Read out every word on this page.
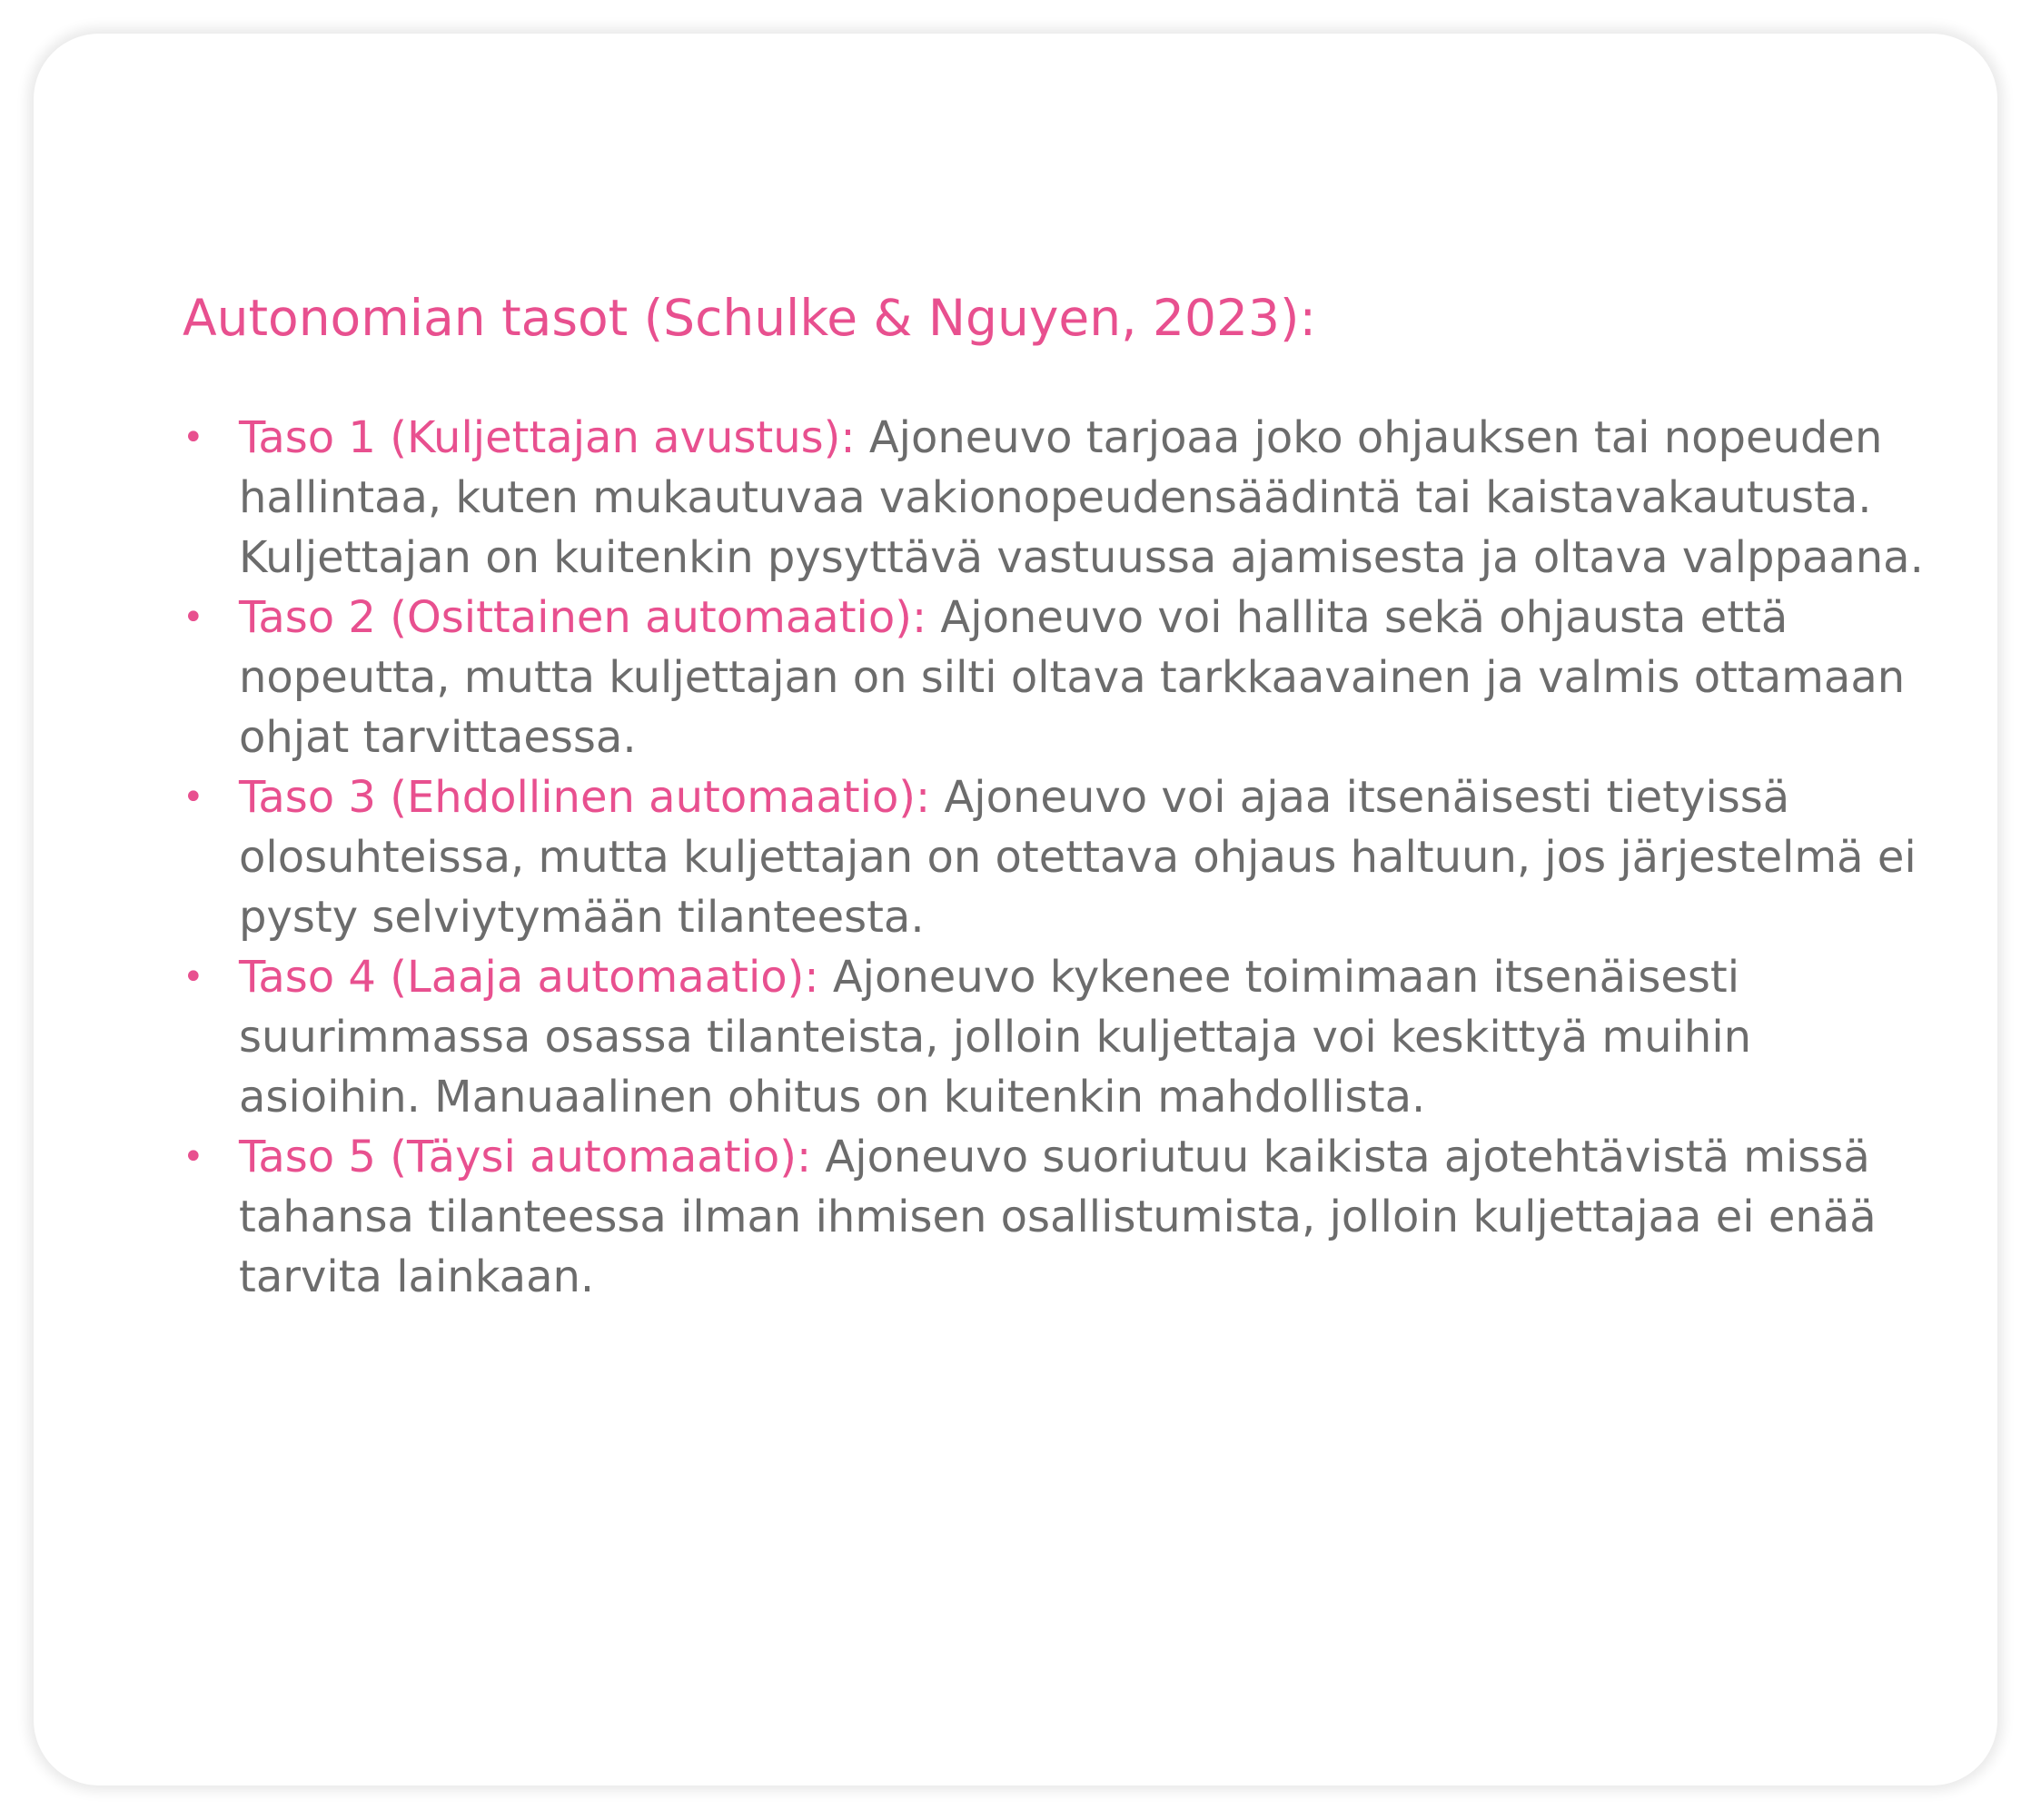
Autonomian tasot (Schulke & Nguyen, 2023):
• Taso 1 (Kuljettajan avustus): Ajoneuvo tarjoaa joko ohjauksen tai nopeuden hallintaa, kuten mukautuvaa vakionopeudensäädintä tai kaistavakautusta. Kuljettajan on kuitenkin pysyttävä vastuussa ajamisesta ja oltava valppaana.
• Taso 2 (Osittainen automaatio): Ajoneuvo voi hallita sekä ohjausta että nopeutta, mutta kuljettajan on silti oltava tarkkaavainen ja valmis ottamaan ohjat tarvittaessa.
• Taso 3 (Ehdollinen automaatio): Ajoneuvo voi ajaa itsenäisesti tietyissä olosuhteissa, mutta kuljettajan on otettava ohjaus haltuun, jos järjestelmä ei pysty selviytymään tilanteesta.
• Taso 4 (Laaja automaatio): Ajoneuvo kykenee toimimaan itsenäisesti suurimmassa osassa tilanteista, jolloin kuljettaja voi keskittyä muihin asioihin. Manuaalinen ohitus on kuitenkin mahdollista.
• Taso 5 (Täysi automaatio): Ajoneuvo suoriutuu kaikista ajotehtävistä missä tahansa tilanteessa ilman ihmisen osallistumista, jolloin kuljettajaa ei enää tarvita lainkaan.
